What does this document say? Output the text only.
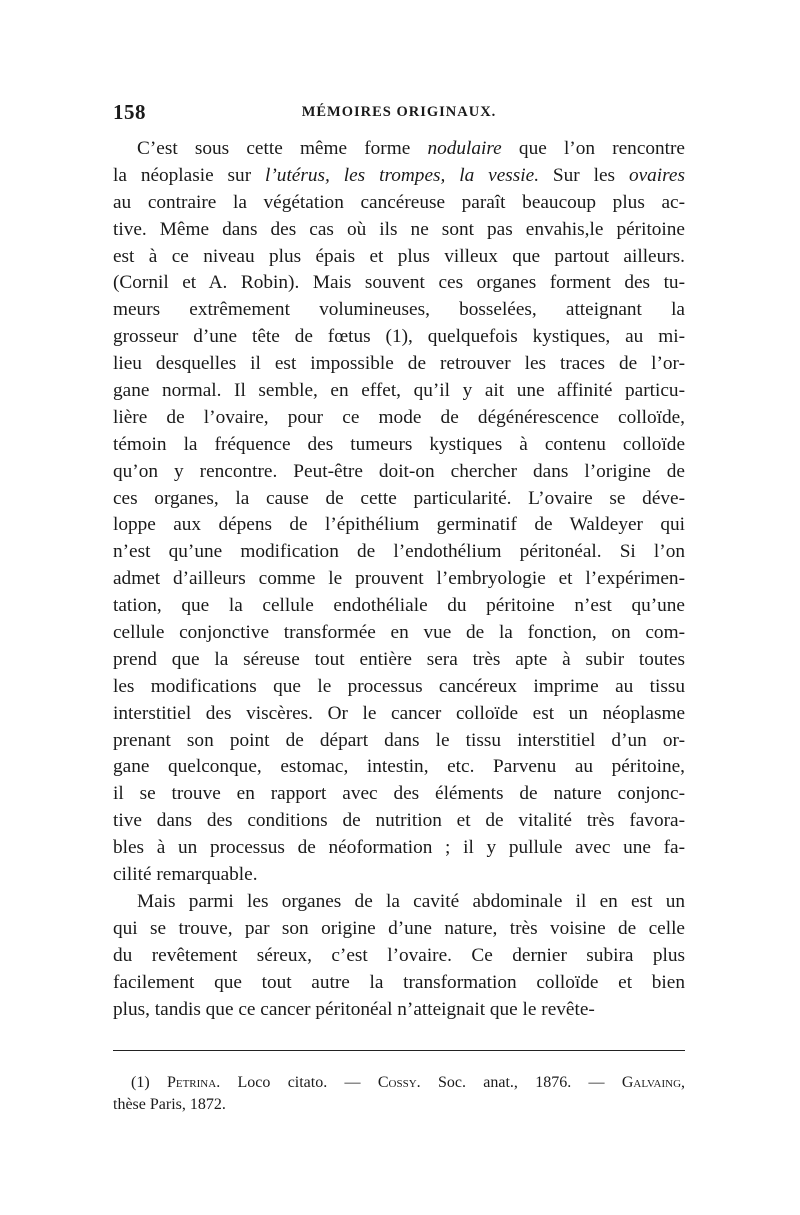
158	MÉMOIRES ORIGINAUX.
C’est sous cette même forme nodulaire que l’on rencontre
la néoplasie sur l’utérus, les trompes, la vessie. Sur les ovaires
au contraire la végétation cancéreuse paraît beaucoup plus ac-
tive. Même dans des cas où ils ne sont pas envahis,le péritoine
est à ce niveau plus épais et plus villeux que partout ailleurs.
(Cornil et A. Robin). Mais souvent ces organes forment des tu-
meurs extrêmement volumineuses, bosselées, atteignant la
grosseur d’une tête de fœtus (1), quelquefois kystiques, au mi-
lieu desquelles il est impossible de retrouver les traces de l’or-
gane normal. Il semble, en effet, qu’il y ait une affinité particu-
lière de l’ovaire, pour ce mode de dégénérescence colloïde,
témoin la fréquence des tumeurs kystiques à contenu colloïde
qu’on y rencontre. Peut-être doit-on chercher dans l’origine de
ces organes, la cause de cette particularité. L’ovaire se déve-
loppe aux dépens de l’épithélium germinatif de Waldeyer qui
n’est qu’une modification de l’endothélium péritonéal. Si l’on
admet d’ailleurs comme le prouvent l’embryologie et l’expérimen-
tation, que la cellule endothéliale du péritoine n’est qu’une
cellule conjonctive transformée en vue de la fonction, on com-
prend que la séreuse tout entière sera très apte à subir toutes
les modifications que le processus cancéreux imprime au tissu
interstitiel des viscères. Or le cancer colloïde est un néoplasme
prenant son point de départ dans le tissu interstitiel d’un or-
gane quelconque, estomac, intestin, etc. Parvenu au péritoine,
il se trouve en rapport avec des éléments de nature conjonc-
tive dans des conditions de nutrition et de vitalité très favora-
bles à un processus de néoformation ; il y pullule avec une fa-
cilité remarquable.
Mais parmi les organes de la cavité abdominale il en est un
qui se trouve, par son origine d’une nature, très voisine de celle
du revêtement séreux, c’est l’ovaire. Ce dernier subira plus
facilement que tout autre la transformation colloïde et bien
plus, tandis que ce cancer péritonéal n’atteignait que le revête-
(1) Petrina. Loco citato. — Cossy. Soc. anat., 1876. — Galvaing,
thèse Paris, 1872.
